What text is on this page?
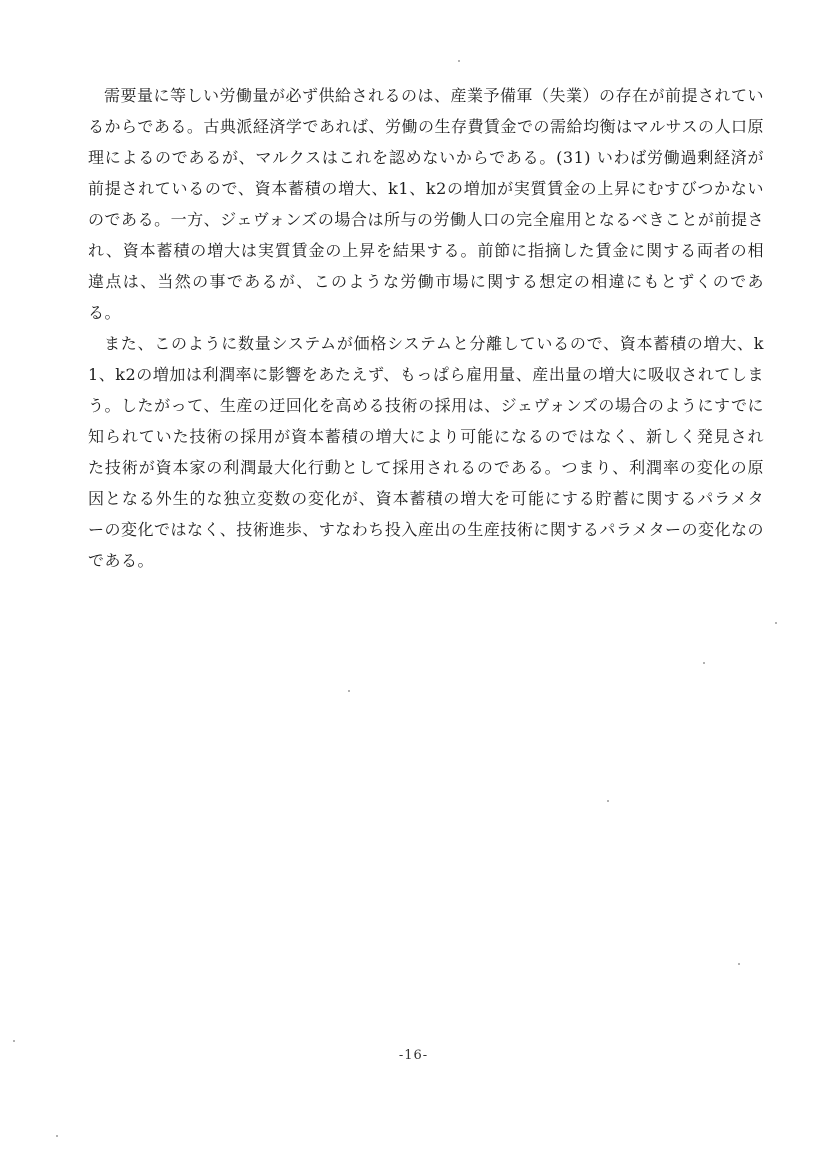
需要量に等しい労働量が必ず供給されるのは、産業予備軍（失業）の存在が前提されているからである。古典派経済学であれば、労働の生存費賃金での需給均衡はマルサスの人口原理によるのであるが、マルクスはこれを認めないからである。(31) いわば労働過剰経済が前提されているので、資本蓄積の増大、k1、k2の増加が実質賃金の上昇にむすびつかないのである。一方、ジェヴォンズの場合は所与の労働人口の完全雇用となるべきことが前提され、資本蓄積の増大は実質賃金の上昇を結果する。前節に指摘した賃金に関する両者の相違点は、当然の事であるが、このような労働市場に関する想定の相違にもとずくのである。

また、このように数量システムが価格システムと分離しているので、資本蓄積の増大、k1、k2の増加は利潤率に影響をあたえず、もっぱら雇用量、産出量の増大に吸収されてしまう。したがって、生産の迂回化を高める技術の採用は、ジェヴォンズの場合のようにすでに知られていた技術の採用が資本蓄積の増大により可能になるのではなく、新しく発見された技術が資本家の利潤最大化行動として採用されるのである。つまり、利潤率の変化の原因となる外生的な独立変数の変化が、資本蓄積の増大を可能にする貯蓄に関するパラメターの変化ではなく、技術進歩、すなわち投入産出の生産技術に関するパラメターの変化なのである。

-16-
